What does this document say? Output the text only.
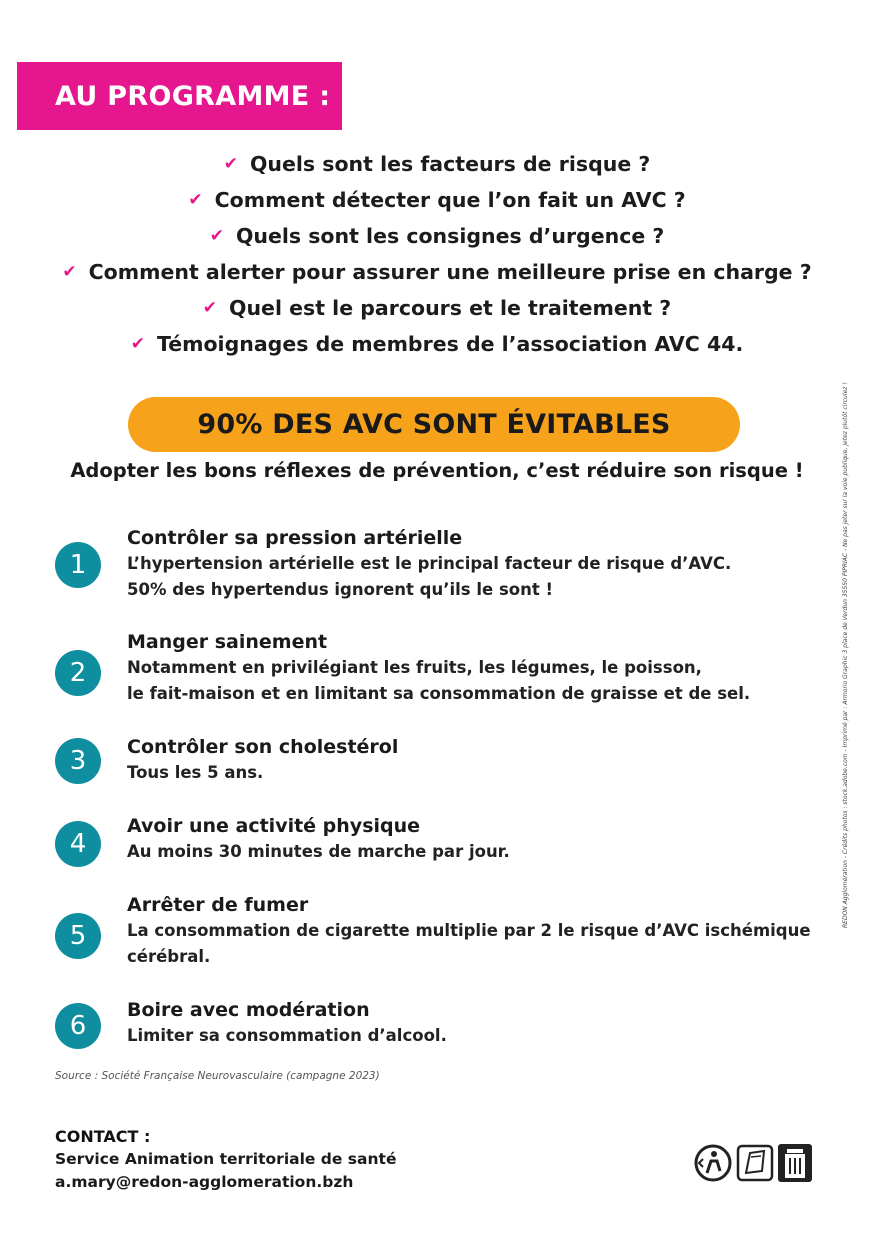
AU PROGRAMME :
✔ Quels sont les facteurs de risque ?
✔ Comment détecter que l’on fait un AVC ?
✔ Quels sont les consignes d’urgence ?
✔ Comment alerter pour assurer une meilleure prise en charge ?
✔ Quel est le parcours et le traitement ?
✔ Témoignages de membres de l’association AVC 44.
90% DES AVC SONT ÉVITABLES
Adopter les bons réflexes de prévention, c’est réduire son risque !
1
Contrôler sa pression artérielle
L’hypertension artérielle est le principal facteur de risque d’AVC.
50% des hypertendus ignorent qu’ils le sont !
2
Manger sainement
Notamment en privilégiant les fruits, les légumes, le poisson,
le fait-maison et en limitant sa consommation de graisse et de sel.
3	Contrôler son cholestérol
Tous les 5 ans.
4
Avoir une activité physique
Au moins 30 minutes de marche par jour.
5
Arrêter de fumer
La consommation de cigarette multiplie par 2 le risque d’AVC ischémique
cérébral.
6
Boire avec modération
Limiter sa consommation d’alcool.
Source : Société Française Neurovasculaire (campagne 2023)
CONTACT :
Service Animation territoriale de santé
a.mary@redon-agglomeration.bzh
REDON Agglomération - Crédits photos : stock.adobe.com - Imprimé par : Armorio Graphic 3 place de Verdun 35550 PIPRIAC - Ne pas jeter sur la voie publique, jetez plutôt circulez !
